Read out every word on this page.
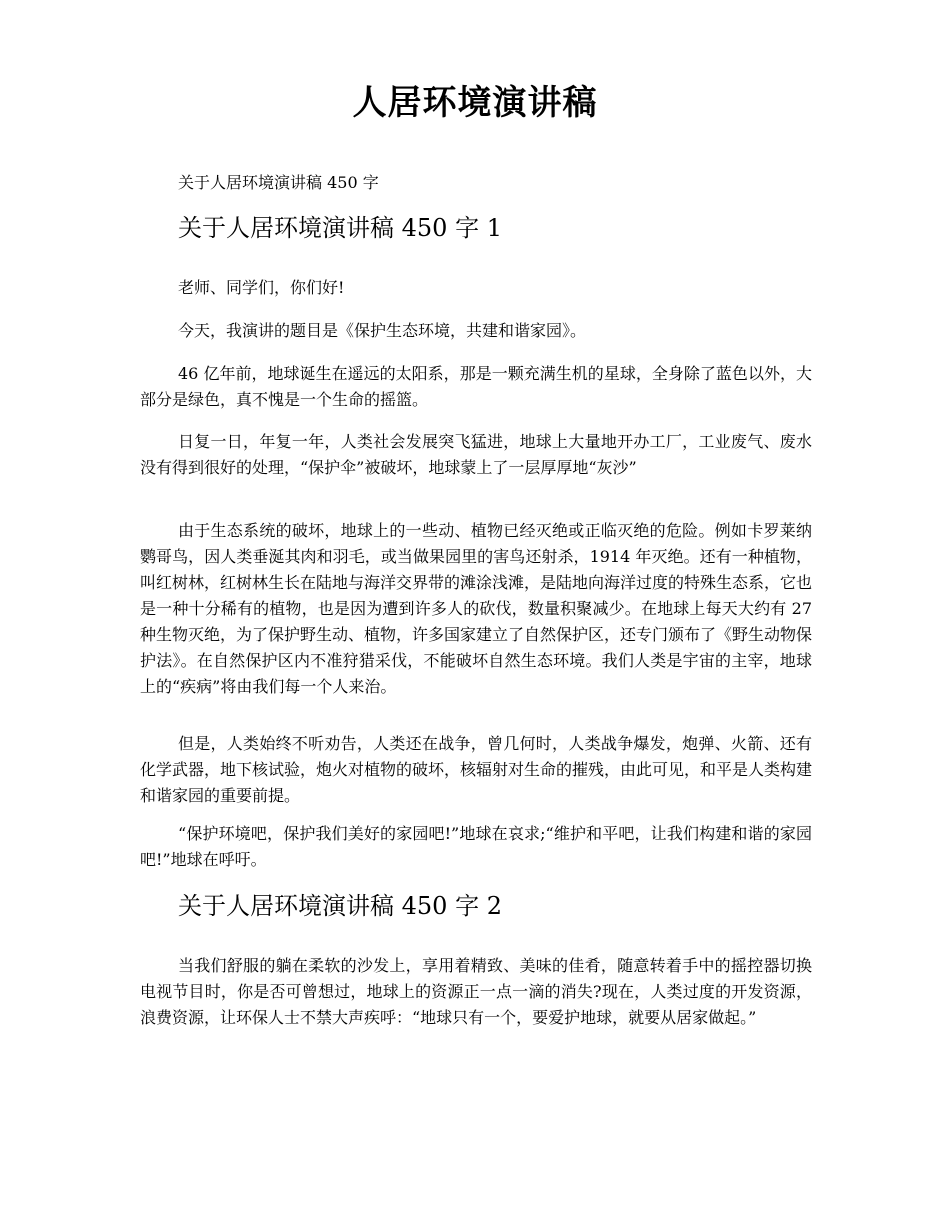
人居环境演讲稿

关于人居环境演讲稿 450 字

关于人居环境演讲稿 450 字 1

老师、同学们，你们好!

今天，我演讲的题目是《保护生态环境，共建和谐家园》。

46 亿年前，地球诞生在遥远的太阳系，那是一颗充满生机的星球，全身除了蓝色以外，大部分是绿色，真不愧是一个生命的摇篮。

日复一日，年复一年，人类社会发展突飞猛进，地球上大量地开办工厂，工业废气、废水没有得到很好的处理，“保护伞”被破坏，地球蒙上了一层厚厚地“灰沙”

由于生态系统的破坏，地球上的一些动、植物已经灭绝或正临灭绝的危险。例如卡罗莱纳鹦哥鸟，因人类垂涎其肉和羽毛，或当做果园里的害鸟还射杀，1914 年灭绝。还有一种植物，叫红树林，红树林生长在陆地与海洋交界带的滩涂浅滩，是陆地向海洋过度的特殊生态系，它也是一种十分稀有的植物，也是因为遭到许多人的砍伐，数量积聚减少。在地球上每天大约有 27 种生物灭绝，为了保护野生动、植物，许多国家建立了自然保护区，还专门颁布了《野生动物保护法》。在自然保护区内不准狩猎采伐，不能破坏自然生态环境。我们人类是宇宙的主宰，地球上的“疾病”将由我们每一个人来治。

但是，人类始终不听劝告，人类还在战争，曾几何时，人类战争爆发，炮弹、火箭、还有化学武器，地下核试验，炮火对植物的破坏，核辐射对生命的摧残，由此可见，和平是人类构建和谐家园的重要前提。

“保护环境吧，保护我们美好的家园吧!”地球在哀求;“维护和平吧，让我们构建和谐的家园吧!”地球在呼吁。

关于人居环境演讲稿 450 字 2

当我们舒服的躺在柔软的沙发上，享用着精致、美味的佳肴，随意转着手中的摇控器切换电视节目时，你是否可曾想过，地球上的资源正一点一滴的消失?现在，人类过度的开发资源，浪费资源，让环保人士不禁大声疾呼：“地球只有一个，要爱护地球，就要从居家做起。”
